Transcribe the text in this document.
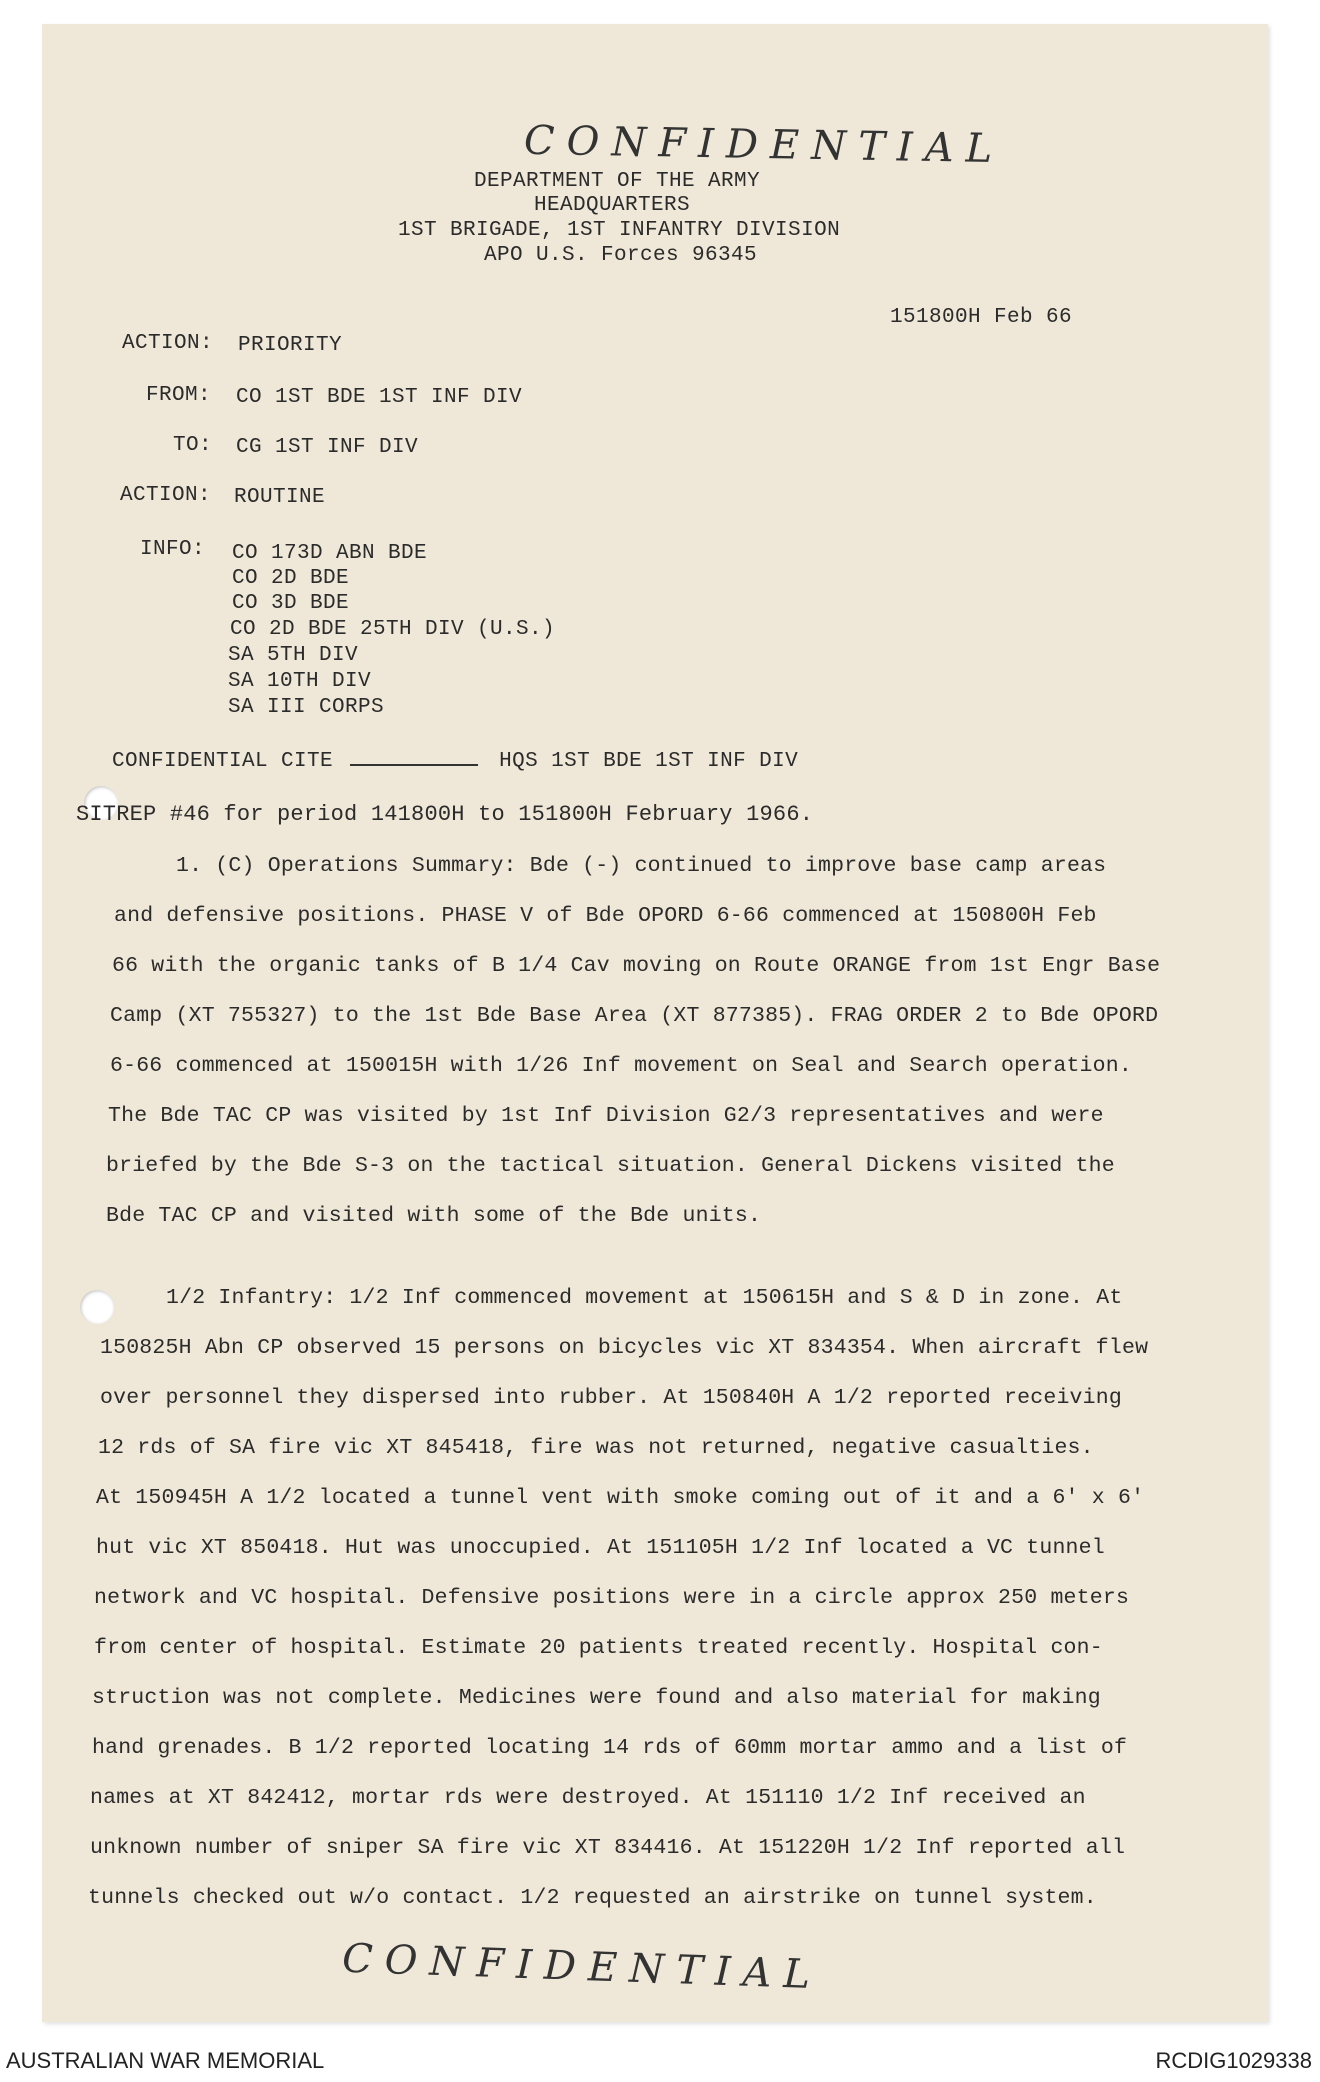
CONFIDENTIAL
DEPARTMENT OF THE ARMY
HEADQUARTERS
1ST BRIGADE, 1ST INFANTRY DIVISION
APO U.S. Forces 96345
151800H Feb 66
ACTION: PRIORITY
FROM: CO 1ST BDE 1ST INF DIV
TO: CG 1ST INF DIV
ACTION: ROUTINE
INFO: CO 173D ABN BDE
CO 2D BDE
CO 3D BDE
CO 2D BDE 25TH DIV (U.S.)
SA 5TH DIV
SA 10TH DIV
SA III CORPS
CONFIDENTIAL CITE	HQS 1ST BDE 1ST INF DIV
SITREP #46 for period 141800H to 151800H February 1966.
1. (C) Operations Summary: Bde (-) continued to improve base camp areas
and defensive positions. PHASE V of Bde OPORD 6-66 commenced at 150800H Feb
66 with the organic tanks of B 1/4 Cav moving on Route ORANGE from 1st Engr Base
Camp (XT 755327) to the 1st Bde Base Area (XT 877385). FRAG ORDER 2 to Bde OPORD
6-66 commenced at 150015H with 1/26 Inf movement on Seal and Search operation.
The Bde TAC CP was visited by 1st Inf Division G2/3 representatives and were
briefed by the Bde S-3 on the tactical situation. General Dickens visited the
Bde TAC CP and visited with some of the Bde units.
1/2 Infantry: 1/2 Inf commenced movement at 150615H and S & D in zone. At
150825H Abn CP observed 15 persons on bicycles vic XT 834354. When aircraft flew
over personnel they dispersed into rubber. At 150840H A 1/2 reported receiving
12 rds of SA fire vic XT 845418, fire was not returned, negative casualties.
At 150945H A 1/2 located a tunnel vent with smoke coming out of it and a 6' x 6'
hut vic XT 850418. Hut was unoccupied. At 151105H 1/2 Inf located a VC tunnel
network and VC hospital. Defensive positions were in a circle approx 250 meters
from center of hospital. Estimate 20 patients treated recently. Hospital con-
struction was not complete. Medicines were found and also material for making
hand grenades. B 1/2 reported locating 14 rds of 60mm mortar ammo and a list of
names at XT 842412, mortar rds were destroyed. At 151110 1/2 Inf received an
unknown number of sniper SA fire vic XT 834416. At 151220H 1/2 Inf reported all
tunnels checked out w/o contact. 1/2 requested an airstrike on tunnel system.
CONFIDENTIAL
AUSTRALIAN WAR MEMORIAL	RCDIG1029338
